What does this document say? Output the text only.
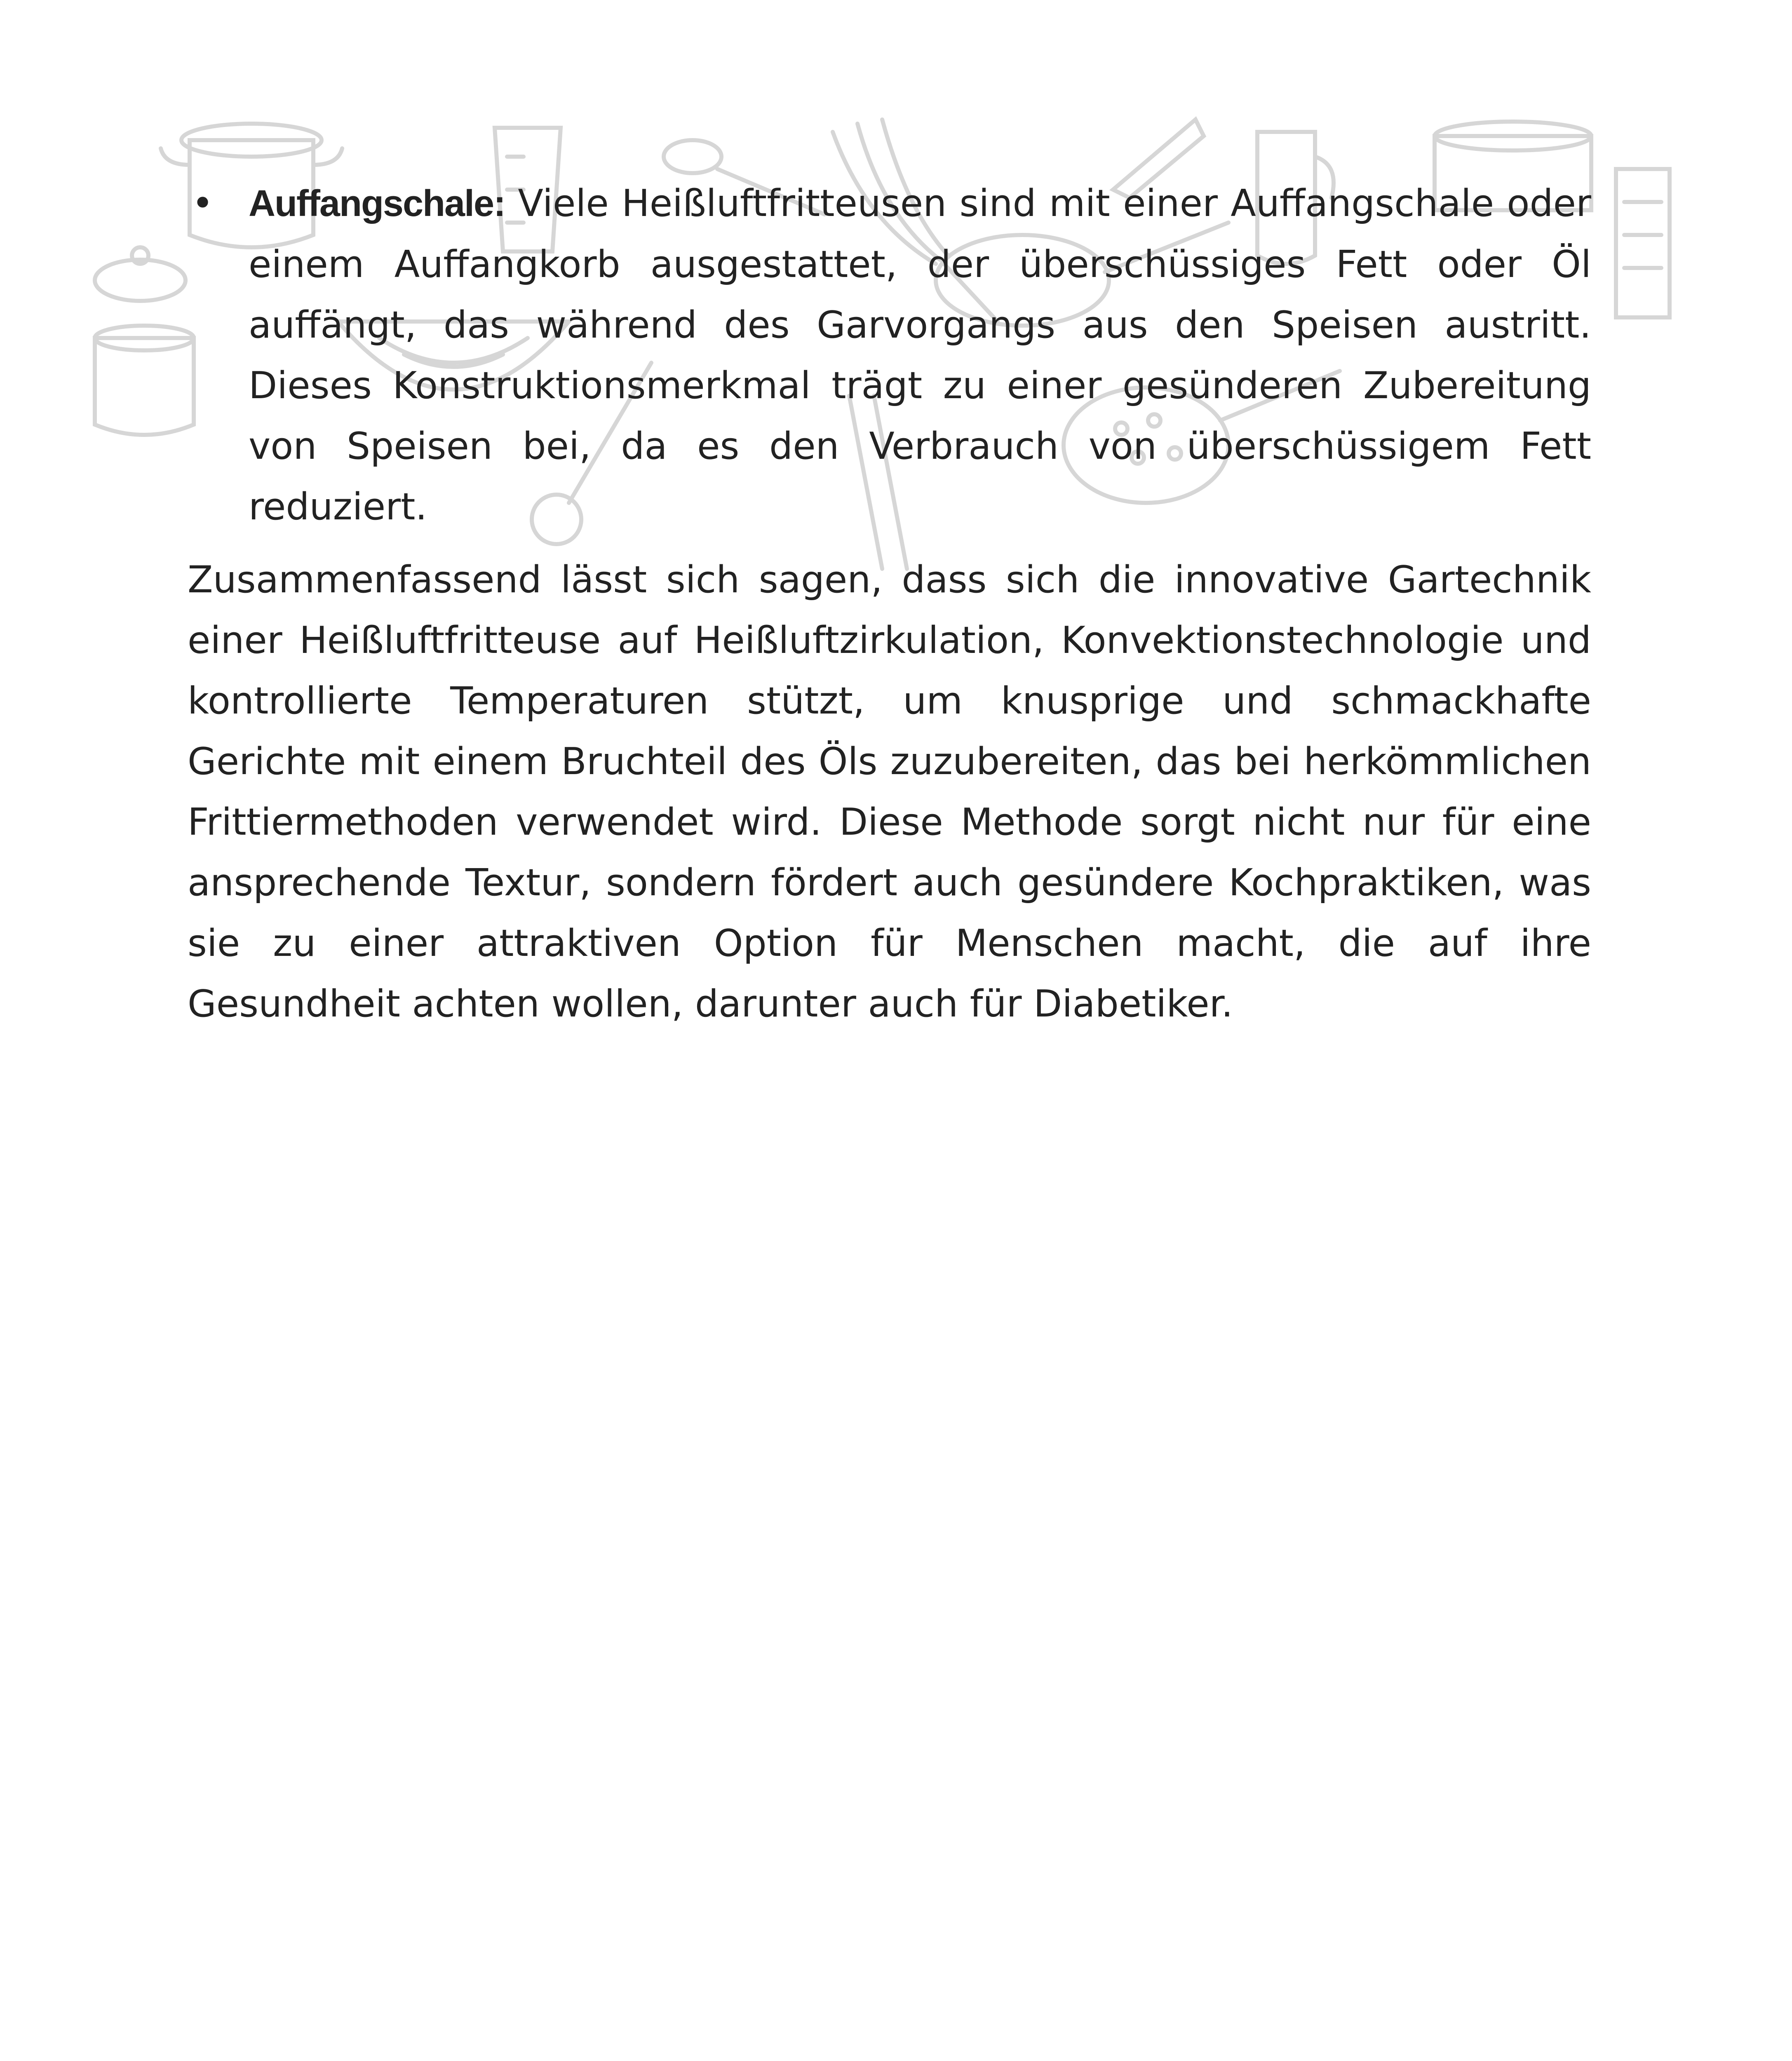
• Auffangschale: Viele Heißluftfritteusen sind mit einer Auffangschale oder einem Auffangkorb ausgestattet, der überschüssiges Fett oder Öl auffängt, das während des Garvorgangs aus den Speisen austritt. Dieses Konstruktionsmerkmal trägt zu einer gesünderen Zubereitung von Speisen bei, da es den Verbrauch von überschüssigem Fett reduziert.

Zusammenfassend lässt sich sagen, dass sich die innovative Gartechnik einer Heißluftfritteuse auf Heißluftzirkulation, Konvektionstechnologie und kontrollierte Temperaturen stützt, um knusprige und schmackhafte Gerichte mit einem Bruchteil des Öls zuzubereiten, das bei herkömmlichen Frittiermethoden verwendet wird. Diese Methode sorgt nicht nur für eine ansprechende Textur, sondern fördert auch gesündere Kochpraktiken, was sie zu einer attraktiven Option für Menschen macht, die auf ihre Gesundheit achten wollen, darunter auch für Diabetiker.
